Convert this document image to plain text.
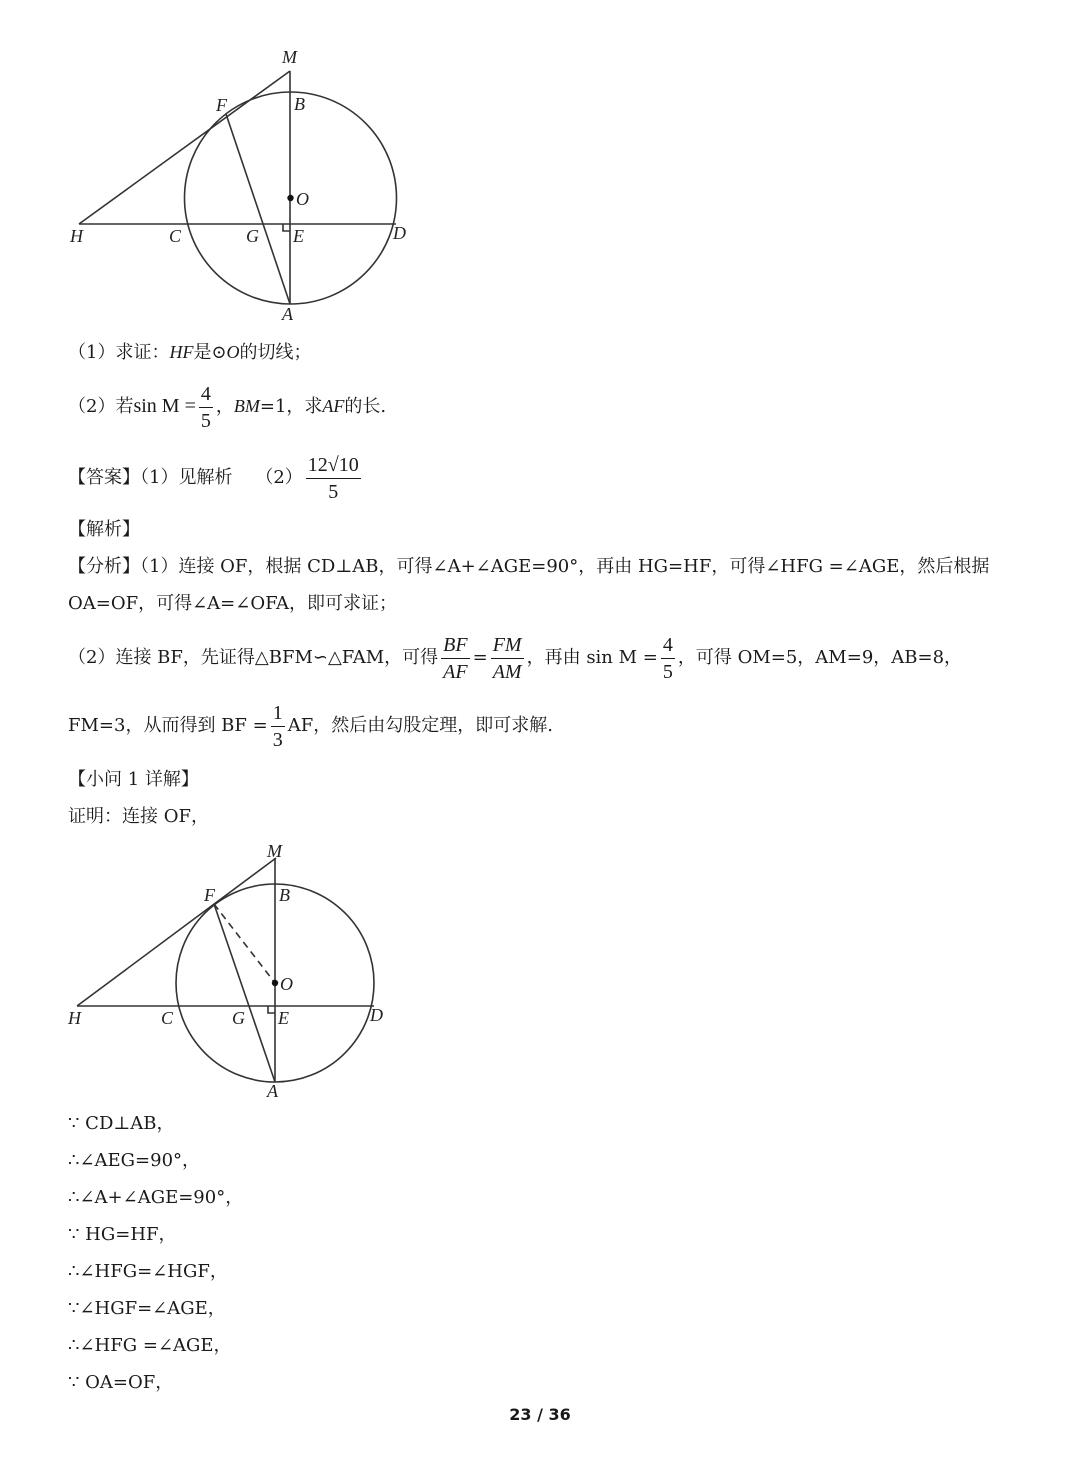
M
B
F
O
H	C	G E	D
A
（1）求证：HF是⊙O的切线；
（2）若$\sin M = \frac{4}{5}$ ，BM=1，求AF的长.
【答案】（1）见解析 $(2) \frac{12√10}{5}$
【解析】
【分析】（1）连接 OF，根据 CD⊥AB，可得∠A+∠AGE=90°，再由 HG=HF，可得∠HFG =∠AGE，然后根据
OA=OF，可得∠A=∠OFA，即可求证；
（2）连接 BF，先证得△BFM∽△FAM，可得 $\frac{BF}{AF} = \frac{FM}{AM}$ ，再由 $\sin M = \frac{4}{5}$ ，可得 OM=5，AM=9，AB=8，
FM=3，从而得到 BF = $\frac{1}{3}$ AF，然后由勾股定理，即可求解.
【小问 1 详解】
证明：连接 OF，
M
B
F
O
H	C	G E	D
A
∵ CD⊥AB，
∴∠AEG=90°，
∴∠A+∠AGE=90°，
∵ HG=HF，
∴∠HFG=∠HGF，
∵∠HGF=∠AGE，
∴∠HFG =∠AGE，
∵ OA=OF，
23 / 36
